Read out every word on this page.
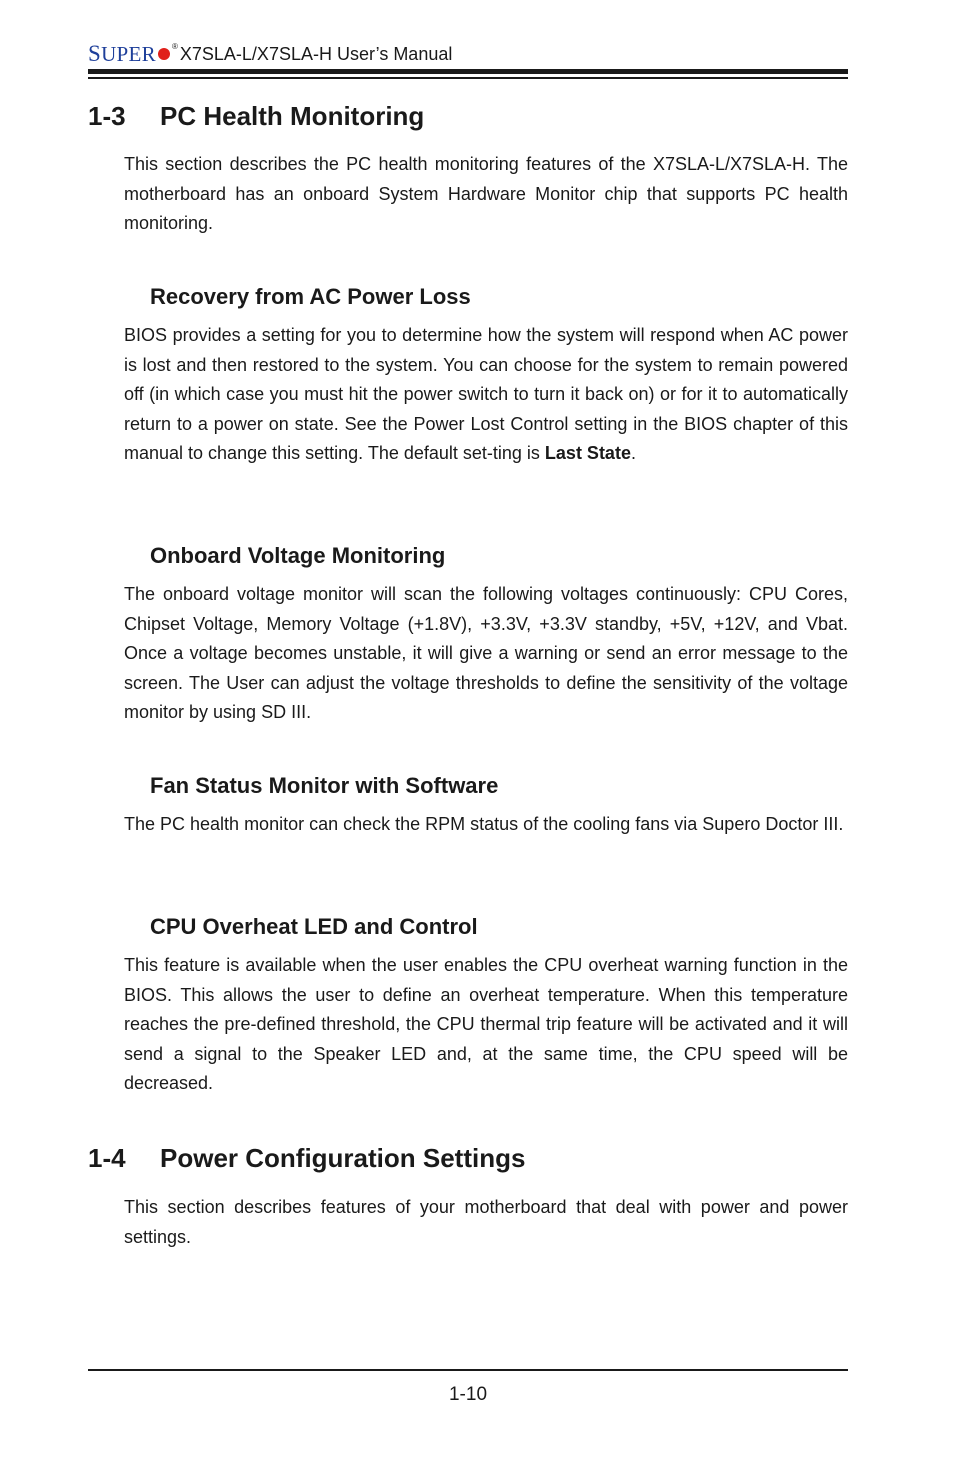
SUPER ® X7SLA-L/X7SLA-H User’s Manual
1-3 PC Health Monitoring

This section describes the PC health monitoring features of the X7SLA-L/X7SLA-H. The motherboard has an onboard System Hardware Monitor chip that supports PC health monitoring.

Recovery from AC Power Loss

BIOS provides a setting for you to determine how the system will respond when AC power is lost and then restored to the system. You can choose for the system to remain powered off (in which case you must hit the power switch to turn it back on) or for it to automatically return to a power on state. See the Power Lost Control setting in the BIOS chapter of this manual to change this setting. The default set-ting is Last State.

Onboard Voltage Monitoring

The onboard voltage monitor will scan the following voltages continuously: CPU Cores, Chipset Voltage, Memory Voltage (+1.8V), +3.3V, +3.3V standby, +5V, +12V, and Vbat. Once a voltage becomes unstable, it will give a warning or send an error message to the screen. The User can adjust the voltage thresholds to define the sensitivity of the voltage monitor by using SD III.

Fan Status Monitor with Software

The PC health monitor can check the RPM status of the cooling fans via Supero Doctor III.

CPU Overheat LED and Control

This feature is available when the user enables the CPU overheat warning function in the BIOS. This allows the user to define an overheat temperature. When this temperature reaches the pre-defined threshold, the CPU thermal trip feature will be activated and it will send a signal to the Speaker LED and, at the same time, the CPU speed will be decreased.

1-4 Power Configuration Settings

This section describes features of your motherboard that deal with power and power settings.

1-10
